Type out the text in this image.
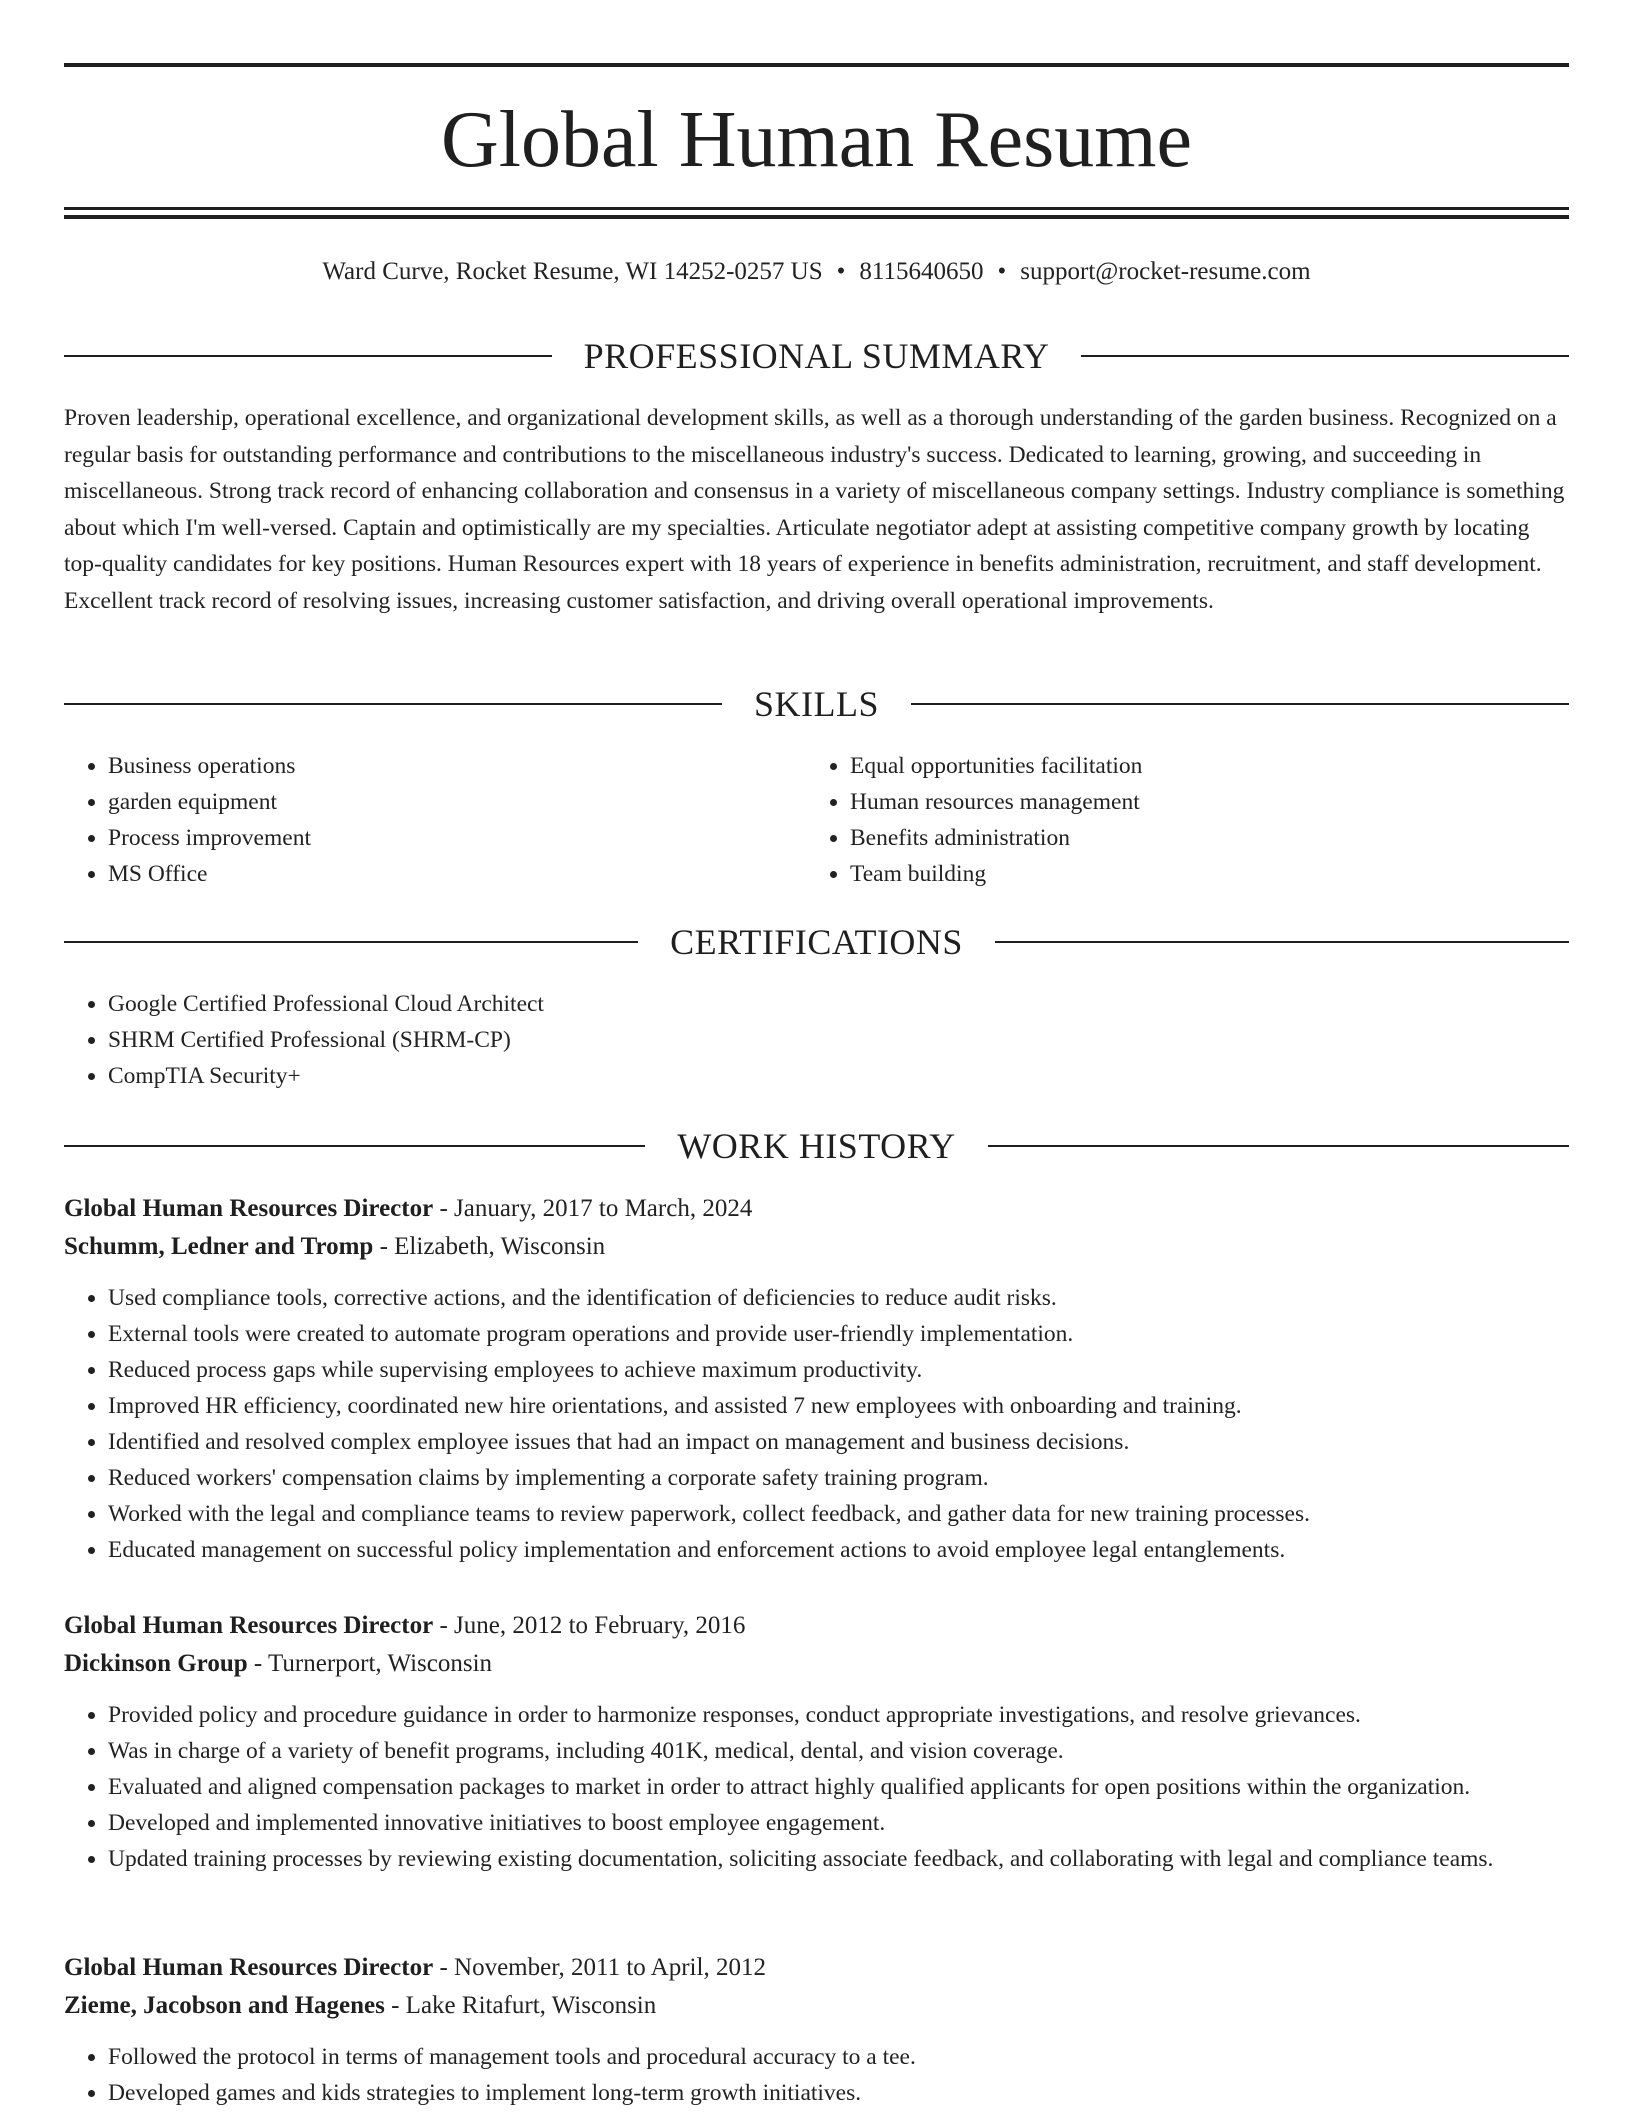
Global Human Resume
Ward Curve, Rocket Resume, WI 14252-0257 US • 8115640650 • support@rocket-resume.com
PROFESSIONAL SUMMARY

Proven leadership, operational excellence, and organizational development skills, as well as a thorough understanding of the garden business. Recognized on a regular basis for outstanding performance and contributions to the miscellaneous industry's success. Dedicated to learning, growing, and succeeding in miscellaneous. Strong track record of enhancing collaboration and consensus in a variety of miscellaneous company settings. Industry compliance is something about which I'm well-versed. Captain and optimistically are my specialties. Articulate negotiator adept at assisting competitive company growth by locating top-quality candidates for key positions. Human Resources expert with 18 years of experience in benefits administration, recruitment, and staff development. Excellent track record of resolving issues, increasing customer satisfaction, and driving overall operational improvements.

SKILLS
• Business operations
• garden equipment
• Process improvement
• MS Office
• Equal opportunities facilitation
• Human resources management
• Benefits administration
• Team building
CERTIFICATIONS
• Google Certified Professional Cloud Architect
• SHRM Certified Professional (SHRM-CP)
• CompTIA Security+
WORK HISTORY
Global Human Resources Director - January, 2017 to March, 2024
Schumm, Ledner and Tromp - Elizabeth, Wisconsin
• Used compliance tools, corrective actions, and the identification of deficiencies to reduce audit risks.
• External tools were created to automate program operations and provide user-friendly implementation.
• Reduced process gaps while supervising employees to achieve maximum productivity.
• Improved HR efficiency, coordinated new hire orientations, and assisted 7 new employees with onboarding and training.
• Identified and resolved complex employee issues that had an impact on management and business decisions.
• Reduced workers' compensation claims by implementing a corporate safety training program.
• Worked with the legal and compliance teams to review paperwork, collect feedback, and gather data for new training processes.
• Educated management on successful policy implementation and enforcement actions to avoid employee legal entanglements.
Global Human Resources Director - June, 2012 to February, 2016
Dickinson Group - Turnerport, Wisconsin
• Provided policy and procedure guidance in order to harmonize responses, conduct appropriate investigations, and resolve grievances.
• Was in charge of a variety of benefit programs, including 401K, medical, dental, and vision coverage.
• Evaluated and aligned compensation packages to market in order to attract highly qualified applicants for open positions within the organization.
• Developed and implemented innovative initiatives to boost employee engagement.
• Updated training processes by reviewing existing documentation, soliciting associate feedback, and collaborating with legal and compliance teams.
Global Human Resources Director - November, 2011 to April, 2012
Zieme, Jacobson and Hagenes - Lake Ritafurt, Wisconsin
• Followed the protocol in terms of management tools and procedural accuracy to a tee.
• Developed games and kids strategies to implement long-term growth initiatives.
